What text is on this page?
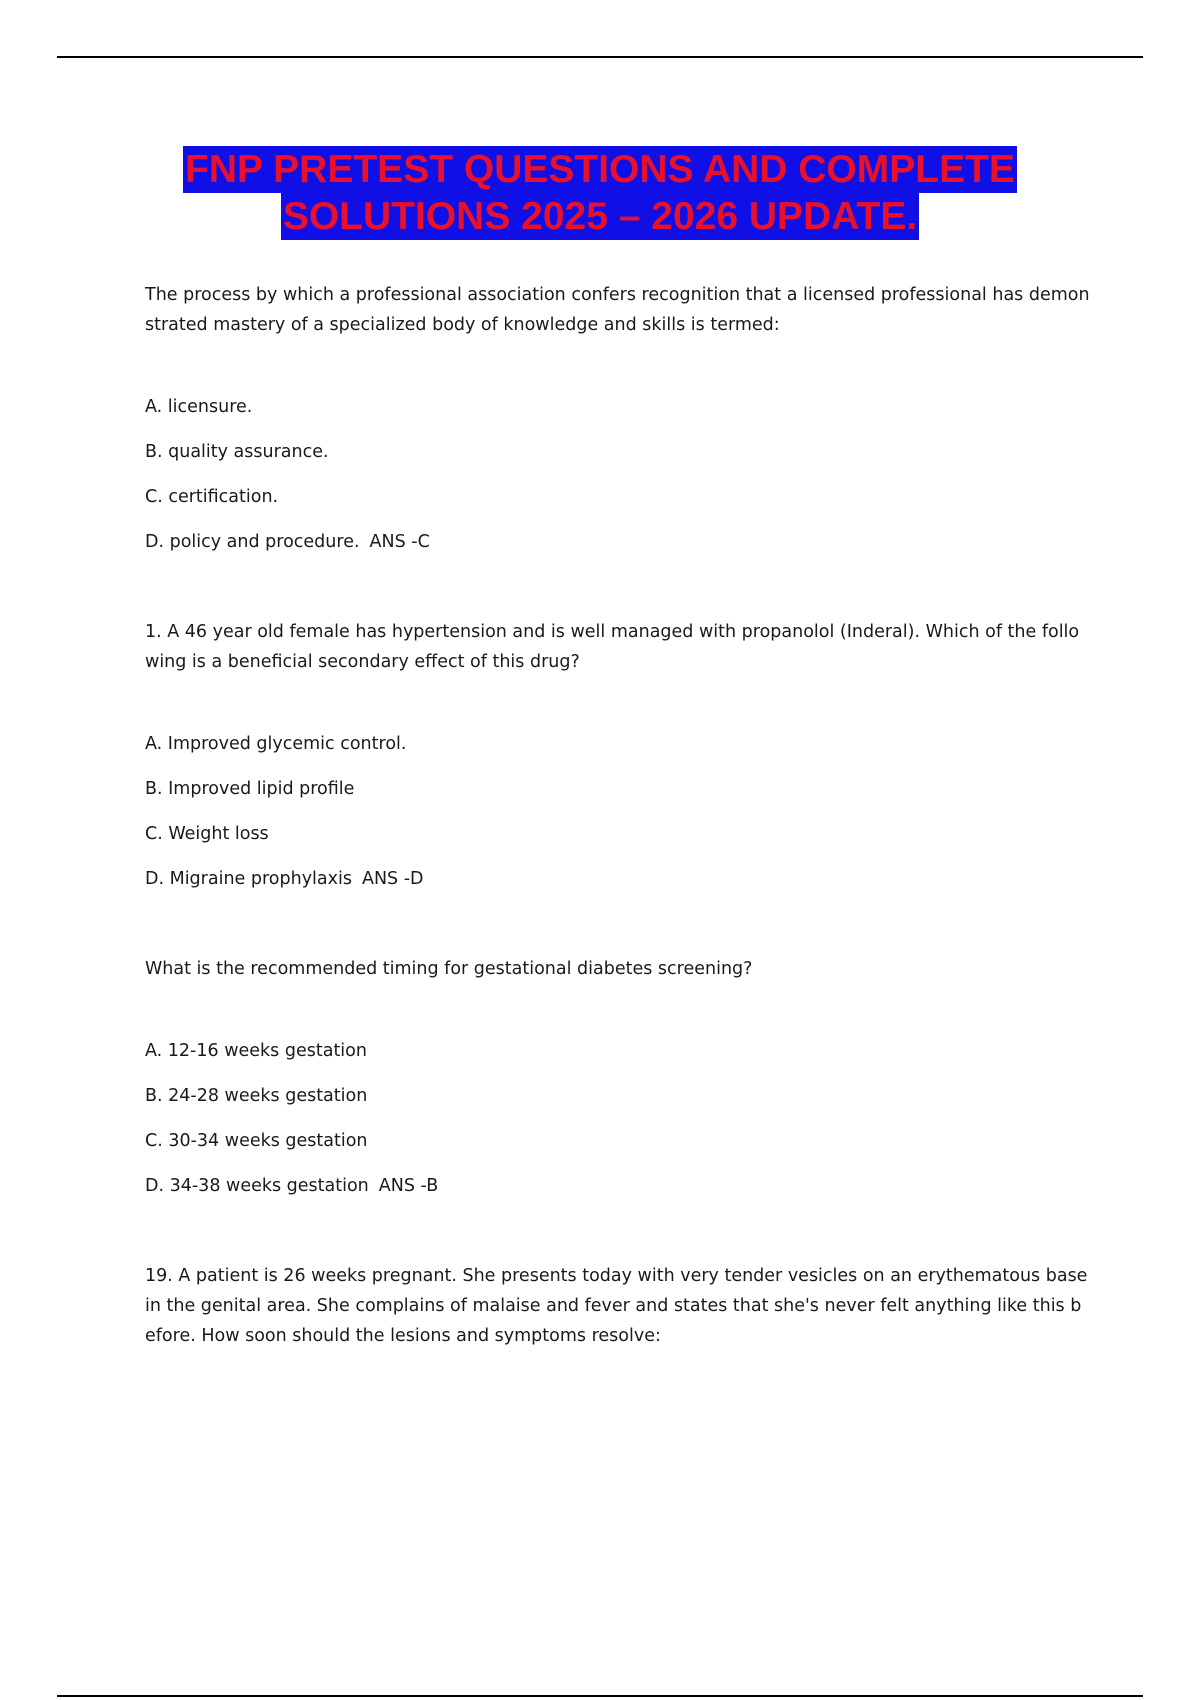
FNP PRETEST QUESTIONS AND COMPLETE
SOLUTIONS 2025 – 2026 UPDATE.
The process by which a professional association confers recognition that a licensed professional has demonstrated mastery of a specialized body of knowledge and skills is termed:
A. licensure.
B. quality assurance.
C. certification.
D. policy and procedure. ANS -C
1. A 46 year old female has hypertension and is well managed with propanolol (Inderal). Which of the following is a beneficial secondary effect of this drug?
A. Improved glycemic control.
B. Improved lipid profile
C. Weight loss
D. Migraine prophylaxis ANS -D
What is the recommended timing for gestational diabetes screening?
A. 12-16 weeks gestation
B. 24-28 weeks gestation
C. 30-34 weeks gestation
D. 34-38 weeks gestation ANS -B
19. A patient is 26 weeks pregnant. She presents today with very tender vesicles on an erythematous base in the genital area. She complains of malaise and fever and states that she's never felt anything like this before. How soon should the lesions and symptoms resolve:
